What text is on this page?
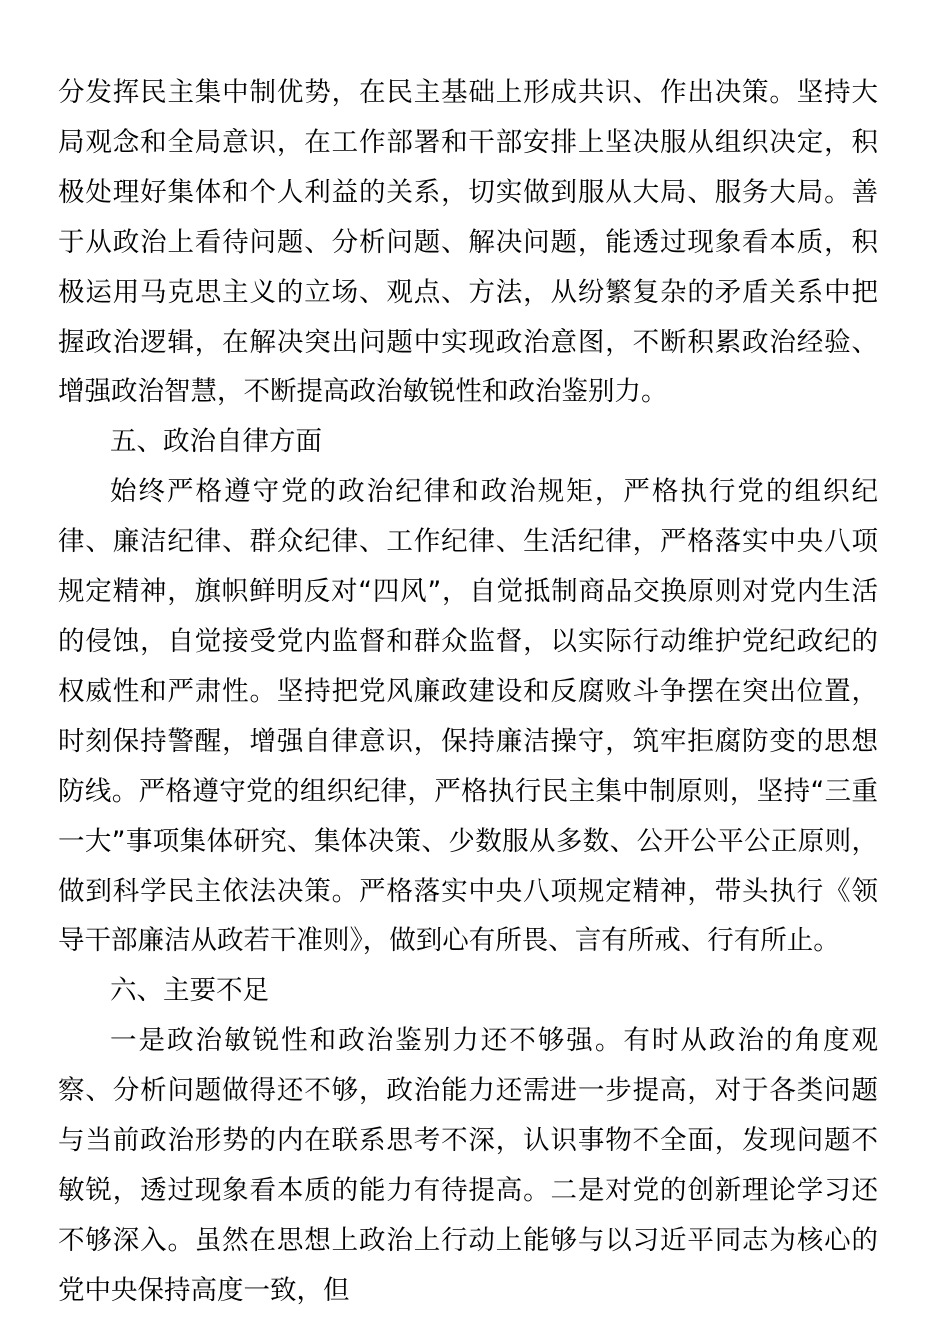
分发挥民主集中制优势，在民主基础上形成共识、作出决策。坚持大局观念和全局意识，在工作部署和干部安排上坚决服从组织决定，积极处理好集体和个人利益的关系，切实做到服从大局、服务大局。善于从政治上看待问题、分析问题、解决问题，能透过现象看本质，积极运用马克思主义的立场、观点、方法，从纷繁复杂的矛盾关系中把握政治逻辑，在解决突出问题中实现政治意图，不断积累政治经验、增强政治智慧，不断提高政治敏锐性和政治鉴别力。

五、政治自律方面

始终严格遵守党的政治纪律和政治规矩，严格执行党的组织纪律、廉洁纪律、群众纪律、工作纪律、生活纪律，严格落实中央八项规定精神，旗帜鲜明反对“四风”，自觉抵制商品交换原则对党内生活的侵蚀，自觉接受党内监督和群众监督，以实际行动维护党纪政纪的权威性和严肃性。坚持把党风廉政建设和反腐败斗争摆在突出位置，时刻保持警醒，增强自律意识，保持廉洁操守，筑牢拒腐防变的思想防线。严格遵守党的组织纪律，严格执行民主集中制原则，坚持“三重一大”事项集体研究、集体决策、少数服从多数、公开公平公正原则，做到科学民主依法决策。严格落实中央八项规定精神，带头执行《领导干部廉洁从政若干准则》，做到心有所畏、言有所戒、行有所止。

六、主要不足

一是政治敏锐性和政治鉴别力还不够强。有时从政治的角度观察、分析问题做得还不够，政治能力还需进一步提高，对于各类问题与当前政治形势的内在联系思考不深，认识事物不全面，发现问题不敏锐，透过现象看本质的能力有待提高。二是对党的创新理论学习还不够深入。虽然在思想上政治上行动上能够与以习近平同志为核心的党中央保持高度一致，但
